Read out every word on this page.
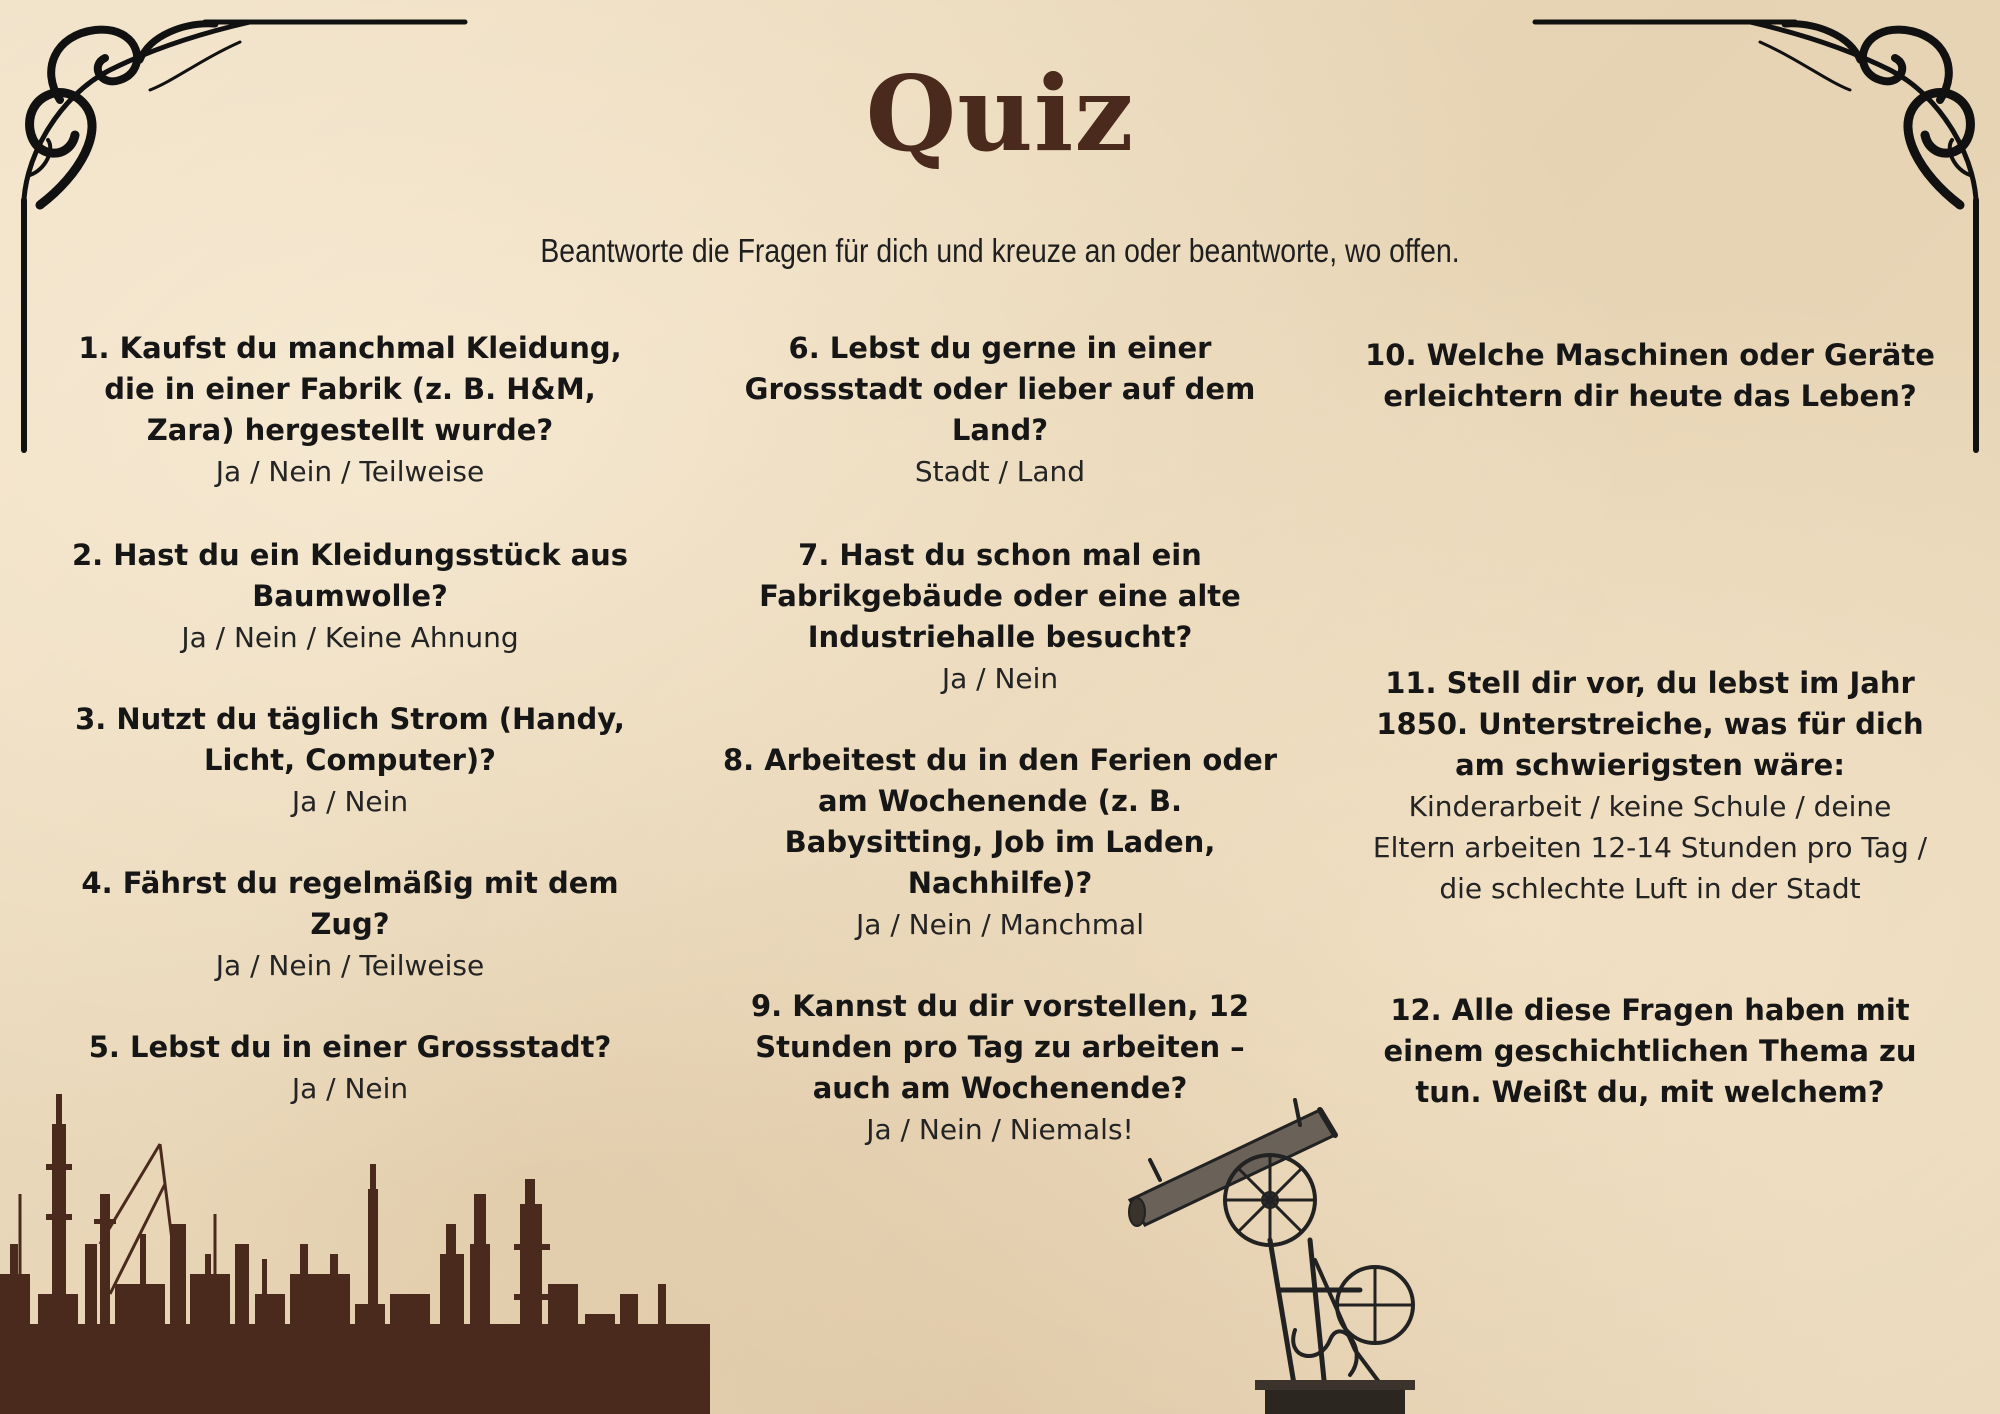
Quiz
Beantworte die Fragen für dich und kreuze an oder beantworte, wo offen.
1. Kaufst du manchmal Kleidung, die in einer Fabrik (z. B. H&M, Zara) hergestellt wurde?
Ja / Nein / Teilweise
2. Hast du ein Kleidungsstück aus Baumwolle?
Ja / Nein / Keine Ahnung
3. Nutzt du täglich Strom (Handy, Licht, Computer)?
Ja / Nein
4. Fährst du regelmäßig mit dem Zug?
Ja / Nein / Teilweise
5. Lebst du in einer Grossstadt?
Ja / Nein
6. Lebst du gerne in einer Grossstadt oder lieber auf dem Land?
Stadt / Land
7. Hast du schon mal ein Fabrikgebäude oder eine alte Industriehalle besucht?
Ja / Nein
8. Arbeitest du in den Ferien oder am Wochenende (z. B. Babysitting, Job im Laden, Nachhilfe)?
Ja / Nein / Manchmal
9. Kannst du dir vorstellen, 12 Stunden pro Tag zu arbeiten – auch am Wochenende?
Ja / Nein / Niemals!
10. Welche Maschinen oder Geräte erleichtern dir heute das Leben?
11. Stell dir vor, du lebst im Jahr 1850. Unterstreiche, was für dich am schwierigsten wäre:
Kinderarbeit / keine Schule / deine Eltern arbeiten 12-14 Stunden pro Tag / die schlechte Luft in der Stadt
12. Alle diese Fragen haben mit einem geschichtlichen Thema zu tun. Weißt du, mit welchem?
